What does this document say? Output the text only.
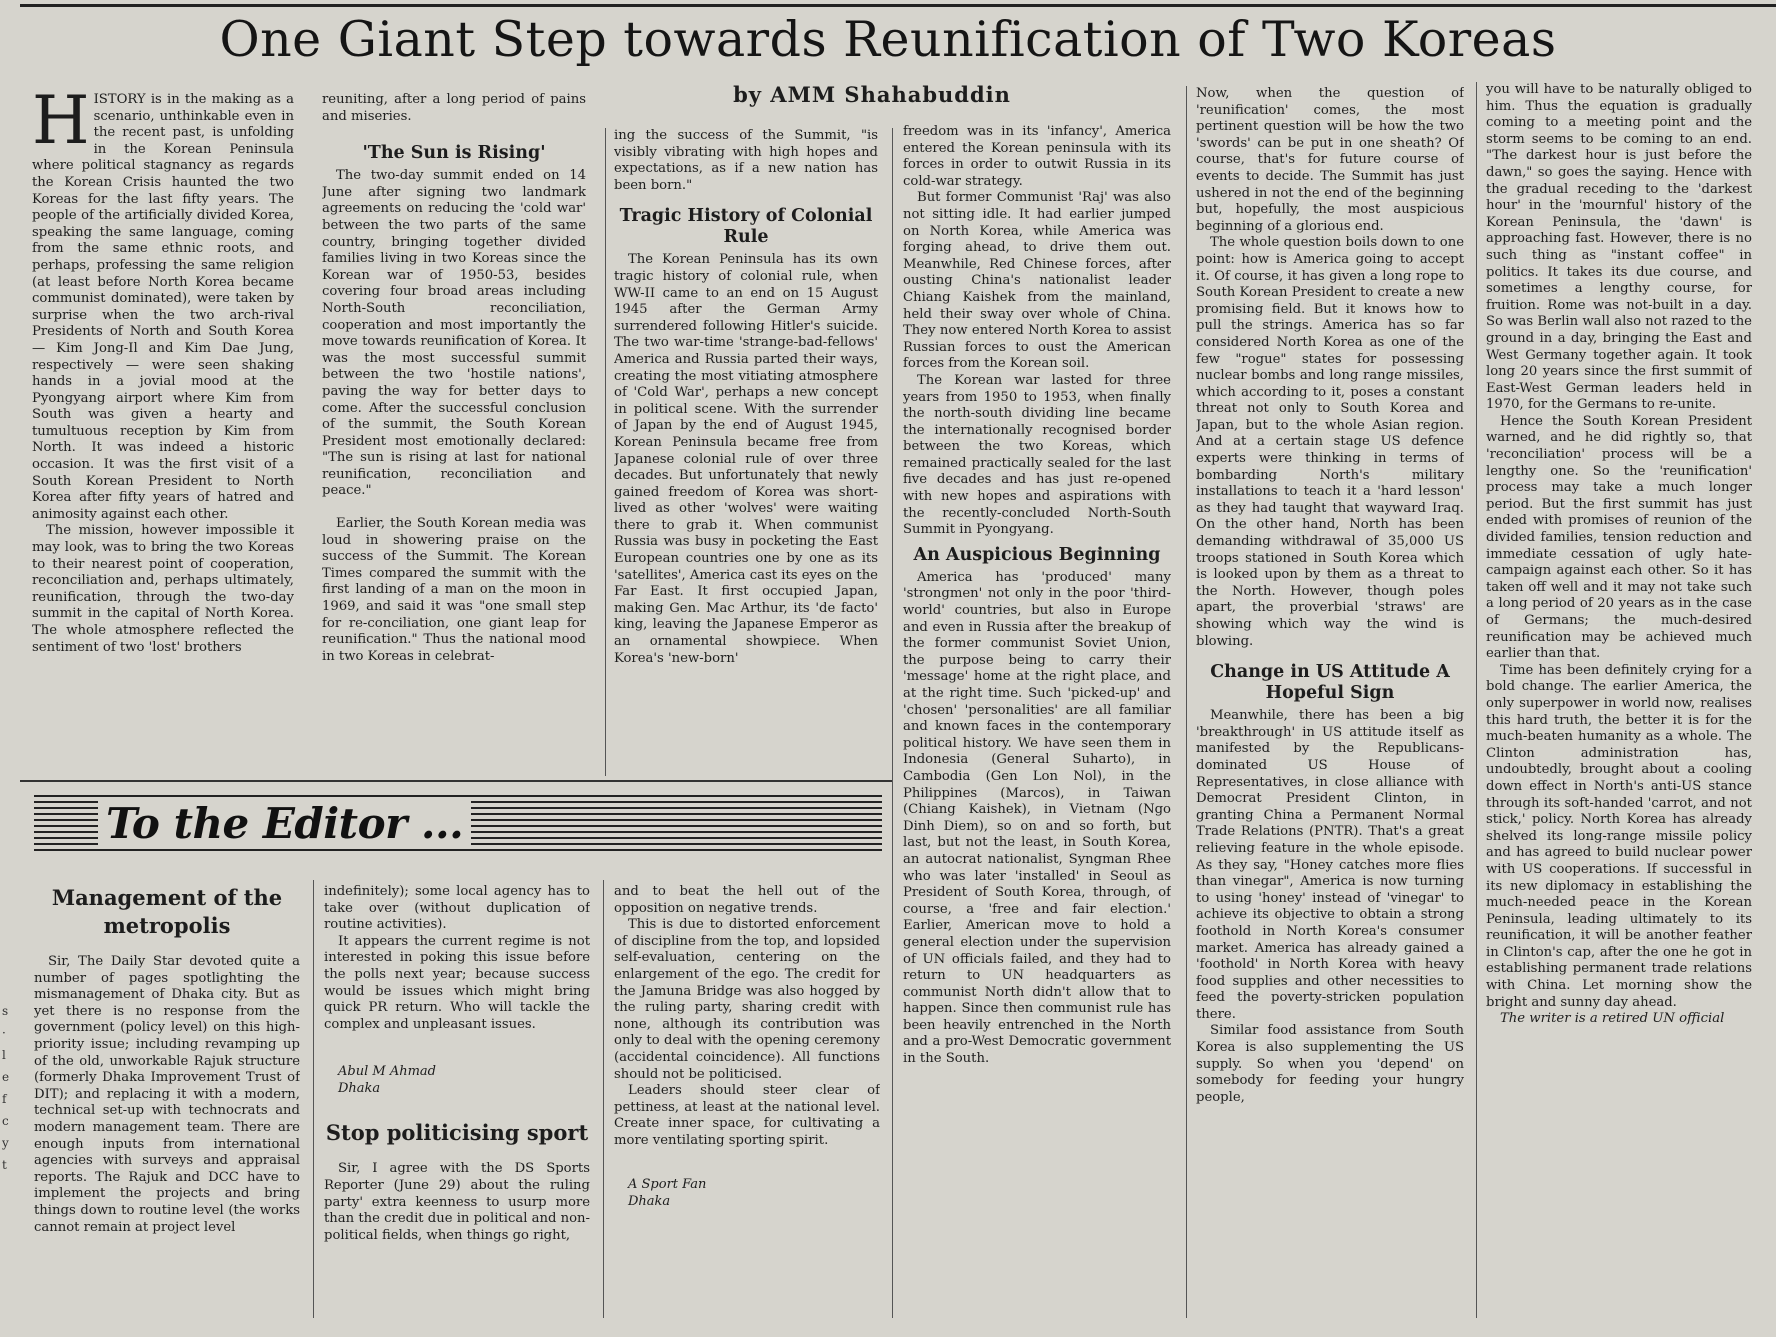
One Giant Step towards Reunification of Two Koreas
by AMM Shahabuddin
H ISTORY is in the making as a scenario, unthinkable even in the recent past, is unfolding in the Korean Peninsula where political stagnancy as regards the Korean Crisis haunted the two Koreas for the last fifty years. The people of the artificially divided Korea, speaking the same language, coming from the same ethnic roots, and perhaps, professing the same religion (at least before North Korea became communist dominated), were taken by surprise when the two arch-rival Presidents of North and South Korea — Kim Jong-Il and Kim Dae Jung, respectively — were seen shaking hands in a jovial mood at the Pyongyang airport where Kim from South was given a hearty and tumultuous reception by Kim from North. It was indeed a historic occasion. It was the first visit of a South Korean President to North Korea after fifty years of hatred and animosity against each other.

The mission, however impossible it may look, was to bring the two Koreas to their nearest point of cooperation, reconciliation and, perhaps ultimately, reunification, through the two-day summit in the capital of North Korea. The whole atmosphere reflected the sentiment of two 'lost' brothers

reuniting, after a long period of pains and miseries.

'The Sun is Rising'

The two-day summit ended on 14 June after signing two landmark agreements on reducing the 'cold war' between the two parts of the same country, bringing together divided families living in two Koreas since the Korean war of 1950-53, besides covering four broad areas including North-South reconciliation, cooperation and most importantly the move towards reunification of Korea. It was the most successful summit between the two 'hostile nations', paving the way for better days to come. After the successful conclusion of the summit, the South Korean President most emotionally declared: "The sun is rising at last for national reunification, reconciliation and peace."

Earlier, the South Korean media was loud in showering praise on the success of the Summit. The Korean Times compared the summit with the first landing of a man on the moon in 1969, and said it was "one small step for re-conciliation, one giant leap for reunification." Thus the national mood in two Koreas in celebrat-

ing the success of the Summit, "is visibly vibrating with high hopes and expectations, as if a new nation has been born."

Tragic History of Colonial Rule

The Korean Peninsula has its own tragic history of colonial rule, when WW-II came to an end on 15 August 1945 after the German Army surrendered following Hitler's suicide. The two war-time 'strange-bad-fellows' America and Russia parted their ways, creating the most vitiating atmosphere of 'Cold War', perhaps a new concept in political scene. With the surrender of Japan by the end of August 1945, Korean Peninsula became free from Japanese colonial rule of over three decades. But unfortunately that newly gained freedom of Korea was short-lived as other 'wolves' were waiting there to grab it. When communist Russia was busy in pocketing the East European countries one by one as its 'satellites', America cast its eyes on the Far East. It first occupied Japan, making Gen. Mac Arthur, its 'de facto' king, leaving the Japanese Emperor as an ornamental showpiece. When Korea's 'new-born'

freedom was in its 'infancy', America entered the Korean peninsula with its forces in order to outwit Russia in its cold-war strategy.

But former Communist 'Raj' was also not sitting idle. It had earlier jumped on North Korea, while America was forging ahead, to drive them out. Meanwhile, Red Chinese forces, after ousting China's nationalist leader Chiang Kaishek from the mainland, held their sway over whole of China. They now entered North Korea to assist Russian forces to oust the American forces from the Korean soil.

The Korean war lasted for three years from 1950 to 1953, when finally the north-south dividing line became the internationally recognised border between the two Koreas, which remained practically sealed for the last five decades and has just re-opened with new hopes and aspirations with the recently-concluded North-South Summit in Pyongyang.

An Auspicious Beginning

America has 'produced' many 'strongmen' not only in the poor 'third-world' countries, but also in Europe and even in Russia after the breakup of the former communist Soviet Union, the purpose being to carry their 'message' home at the right place, and at the right time. Such 'picked-up' and 'chosen' 'personalities' are all familiar and known faces in the contemporary political history. We have seen them in Indonesia (General Suharto), in Cambodia (Gen Lon Nol), in the Philippines (Marcos), in Taiwan (Chiang Kaishek), in Vietnam (Ngo Dinh Diem), so on and so forth, but last, but not the least, in South Korea, an autocrat nationalist, Syngman Rhee who was later 'installed' in Seoul as President of South Korea, through, of course, a 'free and fair election.' Earlier, American move to hold a general election under the supervision of UN officials failed, and they had to return to UN headquarters as communist North didn't allow that to happen. Since then communist rule has been heavily entrenched in the North and a pro-West Democratic government in the South.

Now, when the question of 'reunification' comes, the most pertinent question will be how the two 'swords' can be put in one sheath? Of course, that's for future course of events to decide. The Summit has just ushered in not the end of the beginning but, hopefully, the most auspicious beginning of a glorious end.

The whole question boils down to one point: how is America going to accept it. Of course, it has given a long rope to South Korean President to create a new promising field. But it knows how to pull the strings. America has so far considered North Korea as one of the few "rogue" states for possessing nuclear bombs and long range missiles, which according to it, poses a constant threat not only to South Korea and Japan, but to the whole Asian region. And at a certain stage US defence experts were thinking in terms of bombarding North's military installations to teach it a 'hard lesson' as they had taught that wayward Iraq. On the other hand, North has been demanding withdrawal of 35,000 US troops stationed in South Korea which is looked upon by them as a threat to the North. However, though poles apart, the proverbial 'straws' are showing which way the wind is blowing.

Change in US Attitude A Hopeful Sign

Meanwhile, there has been a big 'breakthrough' in US attitude itself as manifested by the Republicans-dominated US House of Representatives, in close alliance with Democrat President Clinton, in granting China a Permanent Normal Trade Relations (PNTR). That's a great relieving feature in the whole episode. As they say, "Honey catches more flies than vinegar", America is now turning to using 'honey' instead of 'vinegar' to achieve its objective to obtain a strong foothold in North Korea's consumer market. America has already gained a 'foothold' in North Korea with heavy food supplies and other necessities to feed the poverty-stricken population there.

Similar food assistance from South Korea is also supplementing the US supply. So when you 'depend' on somebody for feeding your hungry people,

you will have to be naturally obliged to him. Thus the equation is gradually coming to a meeting point and the storm seems to be coming to an end. "The darkest hour is just before the dawn," so goes the saying. Hence with the gradual receding to the 'darkest hour' in the 'mournful' history of the Korean Peninsula, the 'dawn' is approaching fast. However, there is no such thing as "instant coffee" in politics. It takes its due course, and sometimes a lengthy course, for fruition. Rome was not-built in a day. So was Berlin wall also not razed to the ground in a day, bringing the East and West Germany together again. It took long 20 years since the first summit of East-West German leaders held in 1970, for the Germans to re-unite.

Hence the South Korean President warned, and he did rightly so, that 'reconciliation' process will be a lengthy one. So the 'reunification' process may take a much longer period. But the first summit has just ended with promises of reunion of the divided families, tension reduction and immediate cessation of ugly hate-campaign against each other. So it has taken off well and it may not take such a long period of 20 years as in the case of Germans; the much-desired reunification may be achieved much earlier than that.

Time has been definitely crying for a bold change. The earlier America, the only superpower in world now, realises this hard truth, the better it is for the much-beaten humanity as a whole. The Clinton administration has, undoubtedly, brought about a cooling down effect in North's anti-US stance through its soft-handed 'carrot, and not stick,' policy. North Korea has already shelved its long-range missile policy and has agreed to build nuclear power with US cooperations. If successful in its new diplomacy in establishing the much-needed peace in the Korean Peninsula, leading ultimately to its reunification, it will be another feather in Clinton's cap, after the one he got in establishing permanent trade relations with China. Let morning show the bright and sunny day ahead.

The writer is a retired UN official

To the Editor ...
Management of the metropolis

Sir, The Daily Star devoted quite a number of pages spotlighting the mismanagement of Dhaka city. But as yet there is no response from the government (policy level) on this high-priority issue; including revamping up of the old, unworkable Rajuk structure (formerly Dhaka Improvement Trust of DIT); and replacing it with a modern, technical set-up with technocrats and modern management team. There are enough inputs from international agencies with surveys and appraisal reports. The Rajuk and DCC have to implement the projects and bring things down to routine level (the works cannot remain at project level

indefinitely); some local agency has to take over (without duplication of routine activities).

It appears the current regime is not interested in poking this issue before the polls next year; because success would be issues which might bring quick PR return. Who will tackle the complex and unpleasant issues.

Abul M Ahmad

Dhaka

Stop politicising sport

Sir, I agree with the DS Sports Reporter (June 29) about the ruling party' extra keenness to usurp more than the credit due in political and non-political fields, when things go right,

and to beat the hell out of the opposition on negative trends.

This is due to distorted enforcement of discipline from the top, and lopsided self-evaluation, centering on the enlargement of the ego. The credit for the Jamuna Bridge was also hogged by the ruling party, sharing credit with none, although its contribution was only to deal with the opening ceremony (accidental coincidence). All functions should not be politicised.

Leaders should steer clear of pettiness, at least at the national level. Create inner space, for cultivating a more ventilating sporting spirit.

A Sport Fan

Dhaka

s · l e f c y t
